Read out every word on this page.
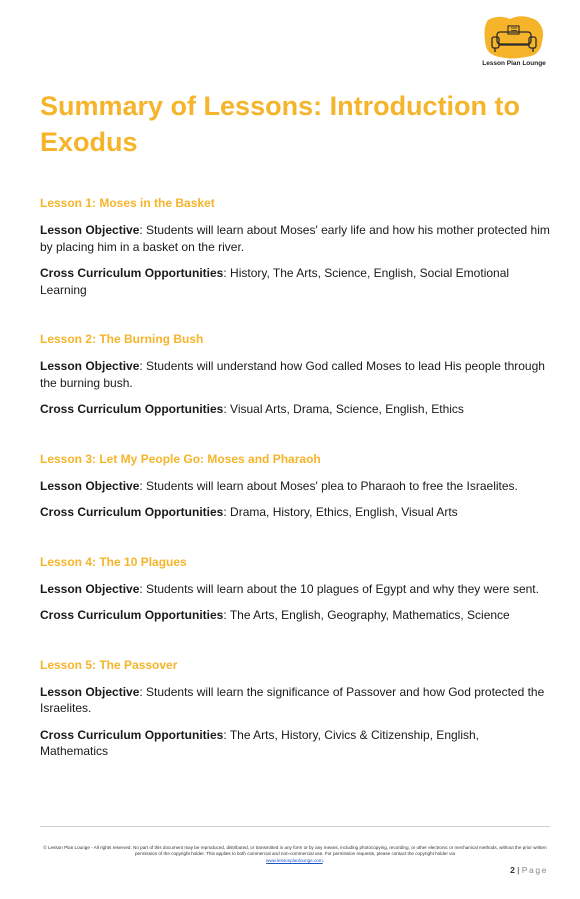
Lesson Plan Lounge
Summary of Lessons: Introduction to Exodus
Lesson 1: Moses in the Basket

Lesson Objective: Students will learn about Moses' early life and how his mother protected him by placing him in a basket on the river.

Cross Curriculum Opportunities: History, The Arts, Science, English, Social Emotional Learning

Lesson 2: The Burning Bush

Lesson Objective: Students will understand how God called Moses to lead His people through the burning bush.

Cross Curriculum Opportunities: Visual Arts, Drama, Science, English, Ethics

Lesson 3: Let My People Go: Moses and Pharaoh

Lesson Objective: Students will learn about Moses' plea to Pharaoh to free the Israelites.

Cross Curriculum Opportunities: Drama, History, Ethics, English, Visual Arts

Lesson 4: The 10 Plagues

Lesson Objective: Students will learn about the 10 plagues of Egypt and why they were sent.

Cross Curriculum Opportunities: The Arts, English, Geography, Mathematics, Science

Lesson 5: The Passover

Lesson Objective: Students will learn the significance of Passover and how God protected the Israelites.

Cross Curriculum Opportunities: The Arts, History, Civics & Citizenship, English, Mathematics

© Lesson Plan Lounge - All rights reserved. No part of this document may be reproduced, distributed, or transmitted in any form or by any means, including photocopying, recording, or other electronic or mechanical methods, without the prior written permission of the copyright holder. This applies to both commercial and non-commercial use. For permission requests, please contact the copyright holder via
www.lessonplanlounge.com.
2 | Page
